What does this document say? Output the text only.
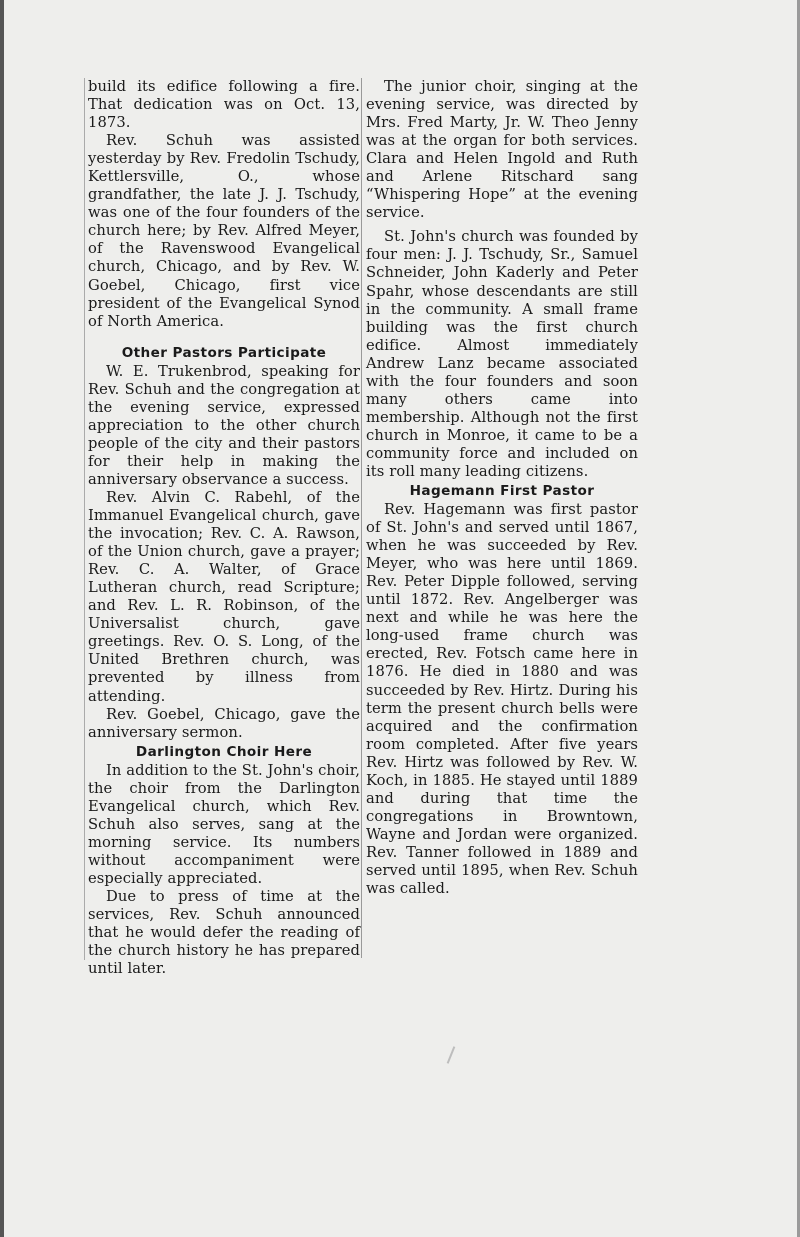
build its edifice following a fire. That dedication was on Oct. 13, 1873.

Rev. Schuh was assisted yesterday by Rev. Fredolin Tschudy, Kettlersville, O., whose grandfather, the late J. J. Tschudy, was one of the four founders of the church here; by Rev. Alfred Meyer, of the Ravenswood Evangelical church, Chicago, and by Rev. W. Goebel, Chicago, first vice president of the Evangelical Synod of North America.

Other Pastors Participate

W. E. Trukenbrod, speaking for Rev. Schuh and the congregation at the evening service, expressed appreciation to the other church people of the city and their pastors for their help in making the anniversary observance a success.

Rev. Alvin C. Rabehl, of the Immanuel Evangelical church, gave the invocation; Rev. C. A. Rawson, of the Union church, gave a prayer; Rev. C. A. Walter, of Grace Lutheran church, read Scripture; and Rev. L. R. Robinson, of the Universalist church, gave greetings. Rev. O. S. Long, of the United Brethren church, was prevented by illness from attending.

Rev. Goebel, Chicago, gave the anniversary sermon.

Darlington Choir Here

In addition to the St. John's choir, the choir from the Darlington Evangelical church, which Rev. Schuh also serves, sang at the morning service. Its numbers without accompaniment were especially appreciated.

Due to press of time at the services, Rev. Schuh announced that he would defer the reading of the church history he has prepared until later.

The junior choir, singing at the evening service, was directed by Mrs. Fred Marty, Jr. W. Theo Jenny was at the organ for both services. Clara and Helen Ingold and Ruth and Arlene Ritschard sang “Whispering Hope” at the evening service.

St. John's church was founded by four men: J. J. Tschudy, Sr., Samuel Schneider, John Kaderly and Peter Spahr, whose descendants are still in the community. A small frame building was the first church edifice. Almost immediately Andrew Lanz became associated with the four founders and soon many others came into membership. Although not the first church in Monroe, it came to be a community force and included on its roll many leading citizens.

Hagemann First Pastor

Rev. Hagemann was first pastor of St. John's and served until 1867, when he was succeeded by Rev. Meyer, who was here until 1869. Rev. Peter Dipple followed, serving until 1872. Rev. Angelberger was next and while he was here the long-used frame church was erected, Rev. Fotsch came here in 1876. He died in 1880 and was succeeded by Rev. Hirtz. During his term the present church bells were acquired and the confirmation room completed. After five years Rev. Hirtz was followed by Rev. W. Koch, in 1885. He stayed until 1889 and during that time the congregations in Browntown, Wayne and Jordan were organized. Rev. Tanner followed in 1889 and served until 1895, when Rev. Schuh was called.
